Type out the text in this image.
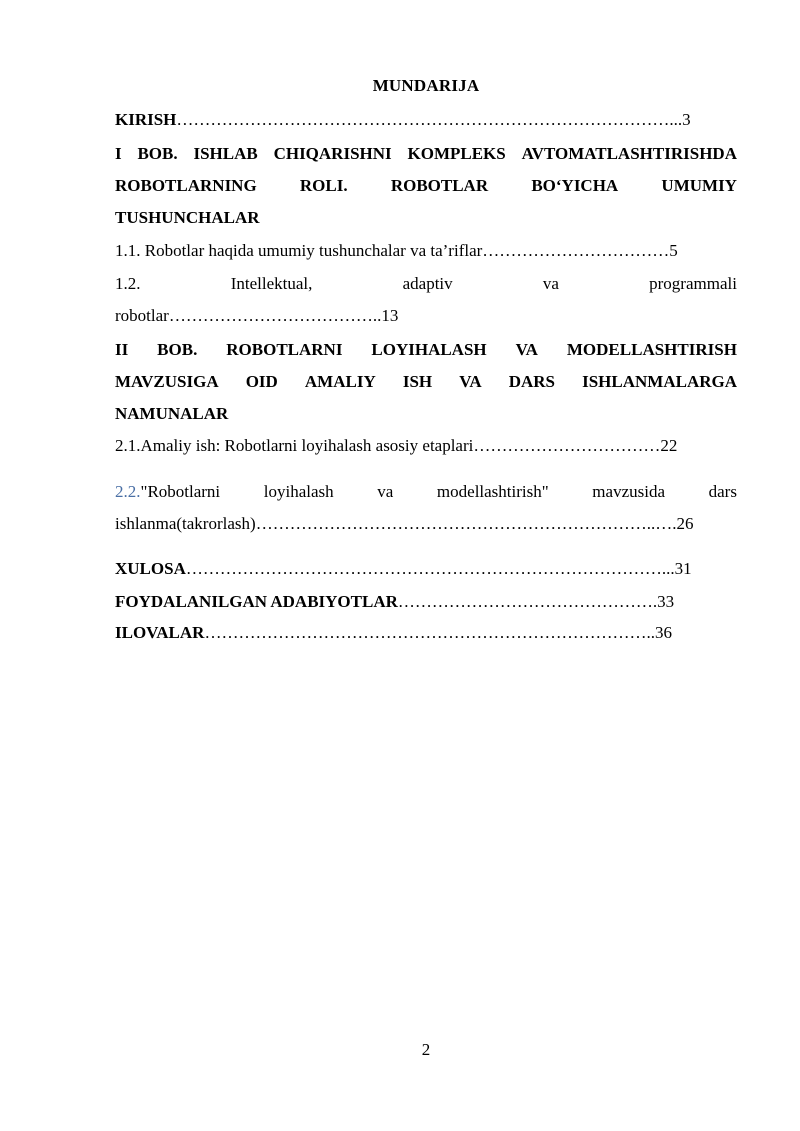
MUNDARIJA
KIRISH……………………………………………………………………………...3
I BOB. ISHLAB CHIQARISHNI KOMPLEKS AVTOMATLASHTIRISHDA
ROBOTLARNING	ROLI.	ROBOTLAR	BO‘YICHA	UMUMIY
TUSHUNCHALAR
1.1. Robotlar haqida umumiy tushunchalar va ta’riflar……………………………5
1.2.	Intellektual,	adaptiv	va	programmali
robotlar………………………………..13
II BOB. ROBOTLARNI LOYIHALASH VA MODELLASHTIRISH
MAVZUSIGA OID AMALIY ISH VA DARS ISHLANMALARGA
NAMUNALAR
2.1.Amaliy ish: Robotlarni loyihalash asosiy etaplari……………………………22
2.2."Robotlarni	loyihalash	va	modellashtirish"	mavzusida	dars
ishlanma(takrorlash)……………………………………………………………..….26
XULOSA…………………………………………………………………………...31
FOYDALANILGAN ADABIYOTLAR……………………………………….33
ILOVALAR……………………………………………………………………..36
2
